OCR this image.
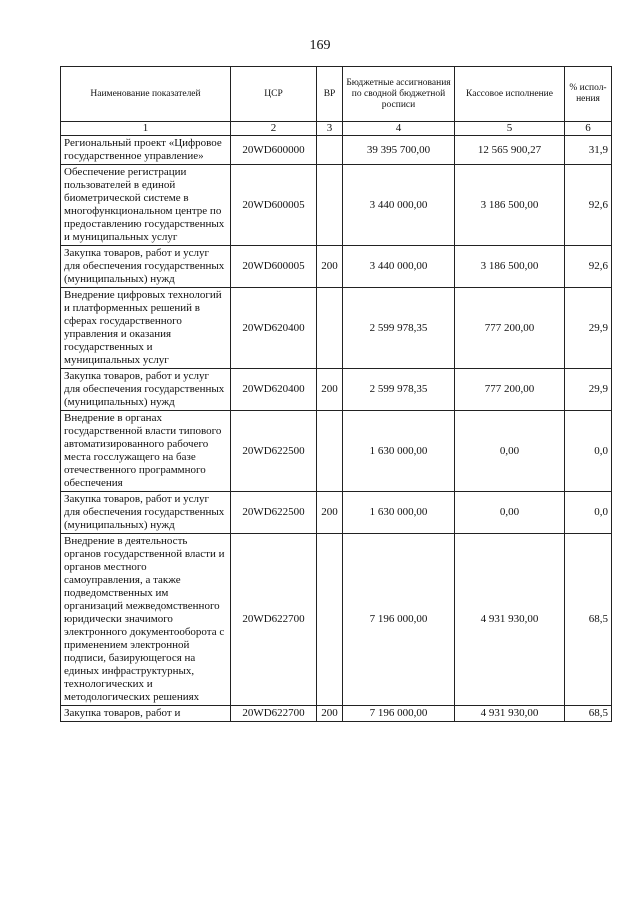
169
Наименование показателей	ЦСР	ВР	Бюджетные ассигнования по сводной бюджетной росписи	Кассовое исполнение	% испол-нения
1	2	3	4	5	6
Региональный проект «Цифровое государственное управление»	20WD600000		39 395 700,00	12 565 900,27	31,9
Обеспечение регистрации пользователей в единой биометрической системе в многофункциональном центре по предоставлению государственных и муниципальных услуг	20WD600005		3 440 000,00	3 186 500,00	92,6
Закупка товаров, работ и услуг для обеспечения государственных (муниципальных) нужд	20WD600005	200	3 440 000,00	3 186 500,00	92,6
Внедрение цифровых технологий и платформенных решений в сферах государственного управления и оказания государственных и муниципальных услуг	20WD620400		2 599 978,35	777 200,00	29,9
Закупка товаров, работ и услуг для обеспечения государственных (муниципальных) нужд	20WD620400	200	2 599 978,35	777 200,00	29,9
Внедрение в органах государственной власти типового автоматизированного рабочего места госслужащего на базе отечественного программного обеспечения	20WD622500		1 630 000,00	0,00	0,0
Закупка товаров, работ и услуг для обеспечения государственных (муниципальных) нужд	20WD622500	200	1 630 000,00	0,00	0,0
Внедрение в деятельность органов государственной власти и органов местного самоуправления, а также подведомственных им организаций межведомственного юридически значимого электронного документооборота с применением электронной подписи, базирующегося на единых инфраструктурных, технологических и методологических решениях	20WD622700		7 196 000,00	4 931 930,00	68,5
Закупка товаров, работ и	20WD622700	200	7 196 000,00	4 931 930,00	68,5
